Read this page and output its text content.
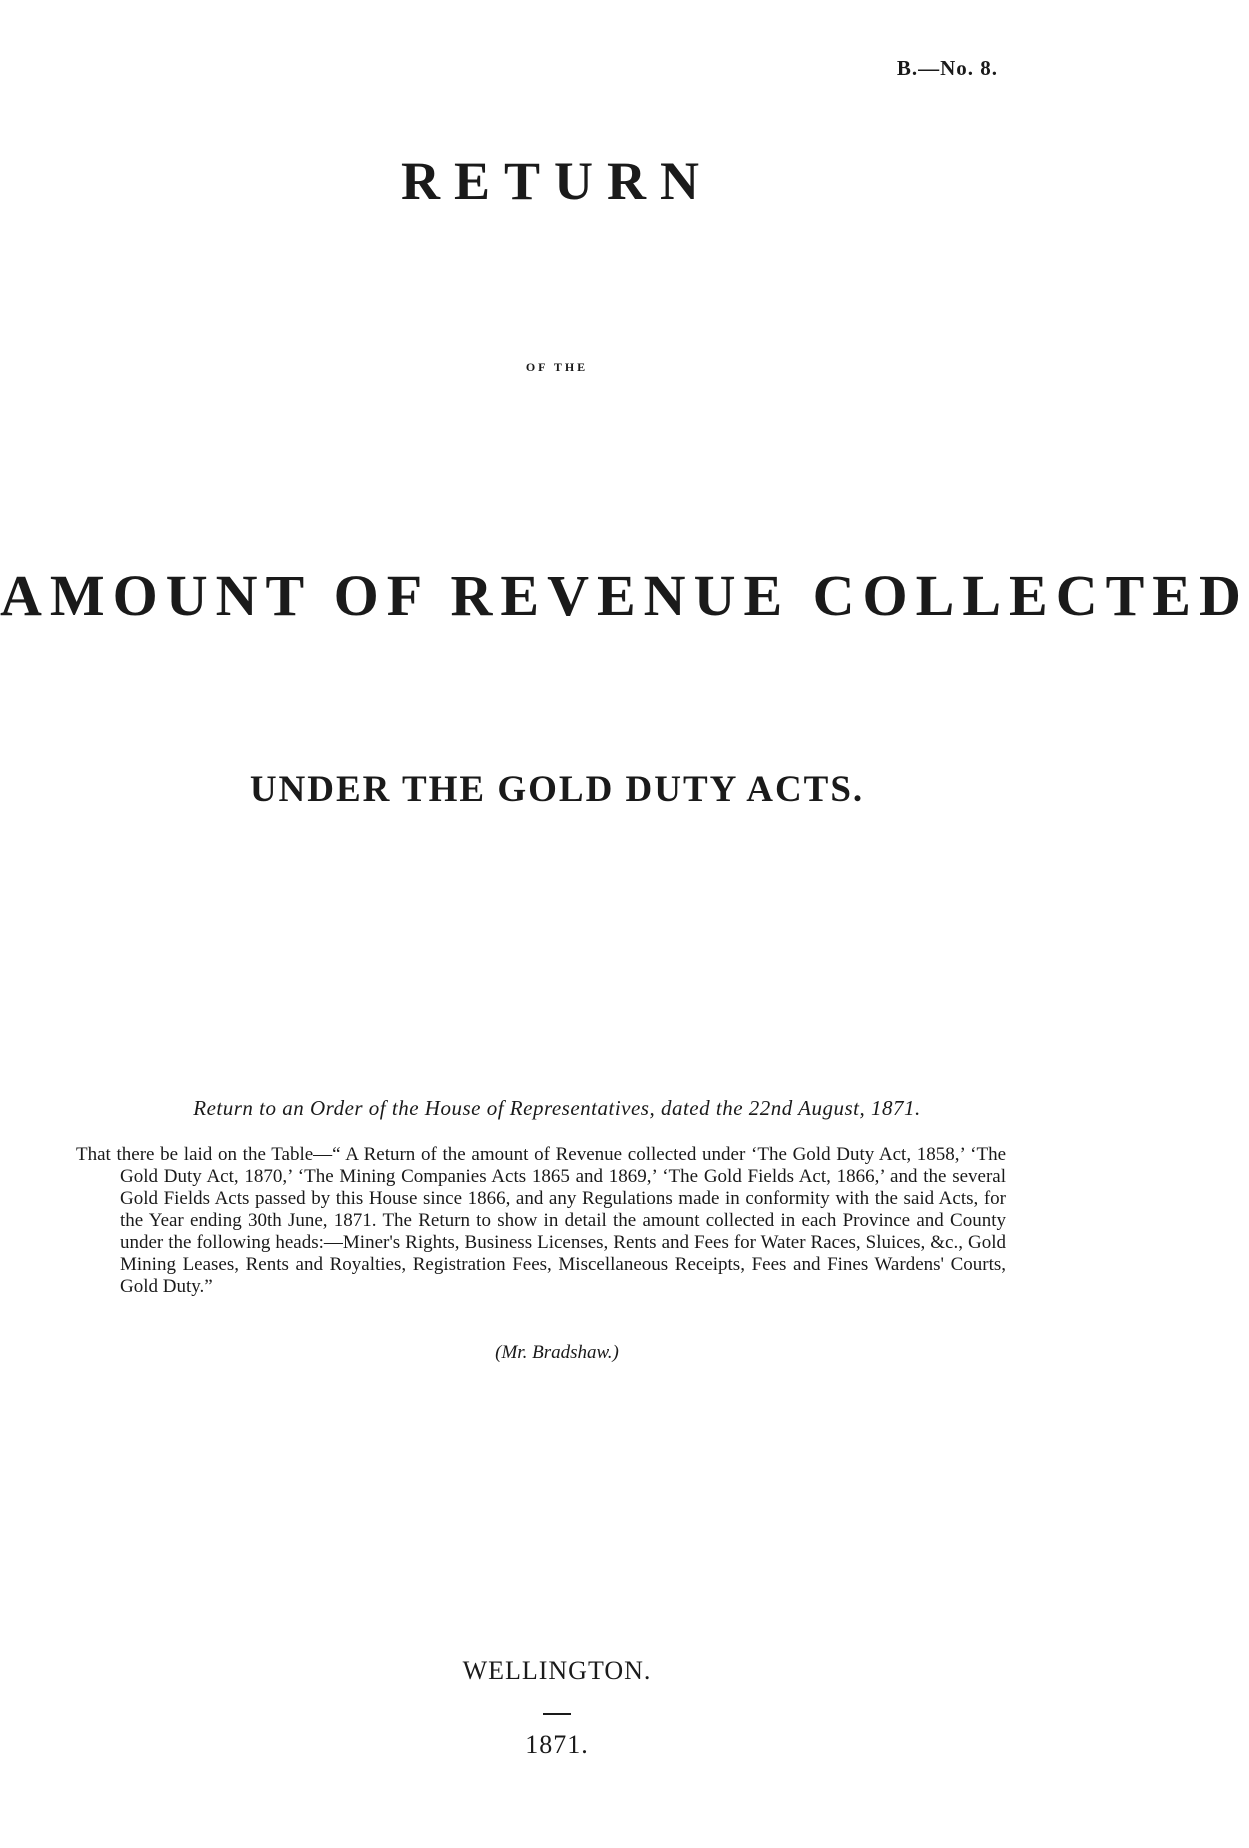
B.—No. 8.
RETURN
OF THE
AMOUNT OF REVENUE COLLECTED
UNDER THE GOLD DUTY ACTS.
Return to an Order of the House of Representatives, dated the 22nd August, 1871.
That there be laid on the Table—“ A Return of the amount of Revenue collected under ‘The Gold Duty Act, 1858,’ ‘The Gold Duty Act, 1870,’ ‘The Mining Companies Acts 1865 and 1869,’ ‘The Gold Fields Act, 1866,’ and the several Gold Fields Acts passed by this House since 1866, and any Regulations made in conformity with the said Acts, for the Year ending 30th June, 1871. The Return to show in detail the amount collected in each Province and County under the following heads:—Miner's Rights, Business Licenses, Rents and Fees for Water Races, Sluices, &c., Gold Mining Leases, Rents and Royalties, Registration Fees, Miscellaneous Receipts, Fees and Fines Wardens' Courts, Gold Duty.”
(Mr. Bradshaw.)
WELLINGTON.
1871.
